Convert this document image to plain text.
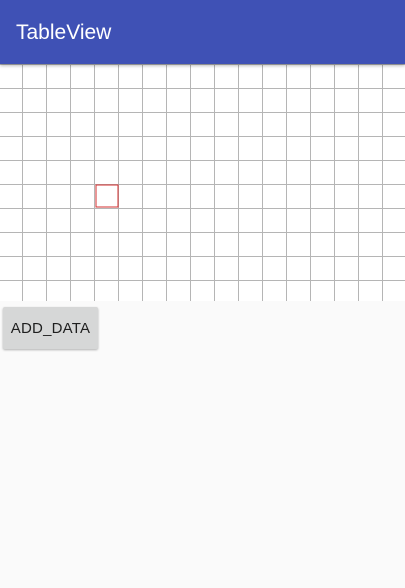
TableView
ADD_DATA
